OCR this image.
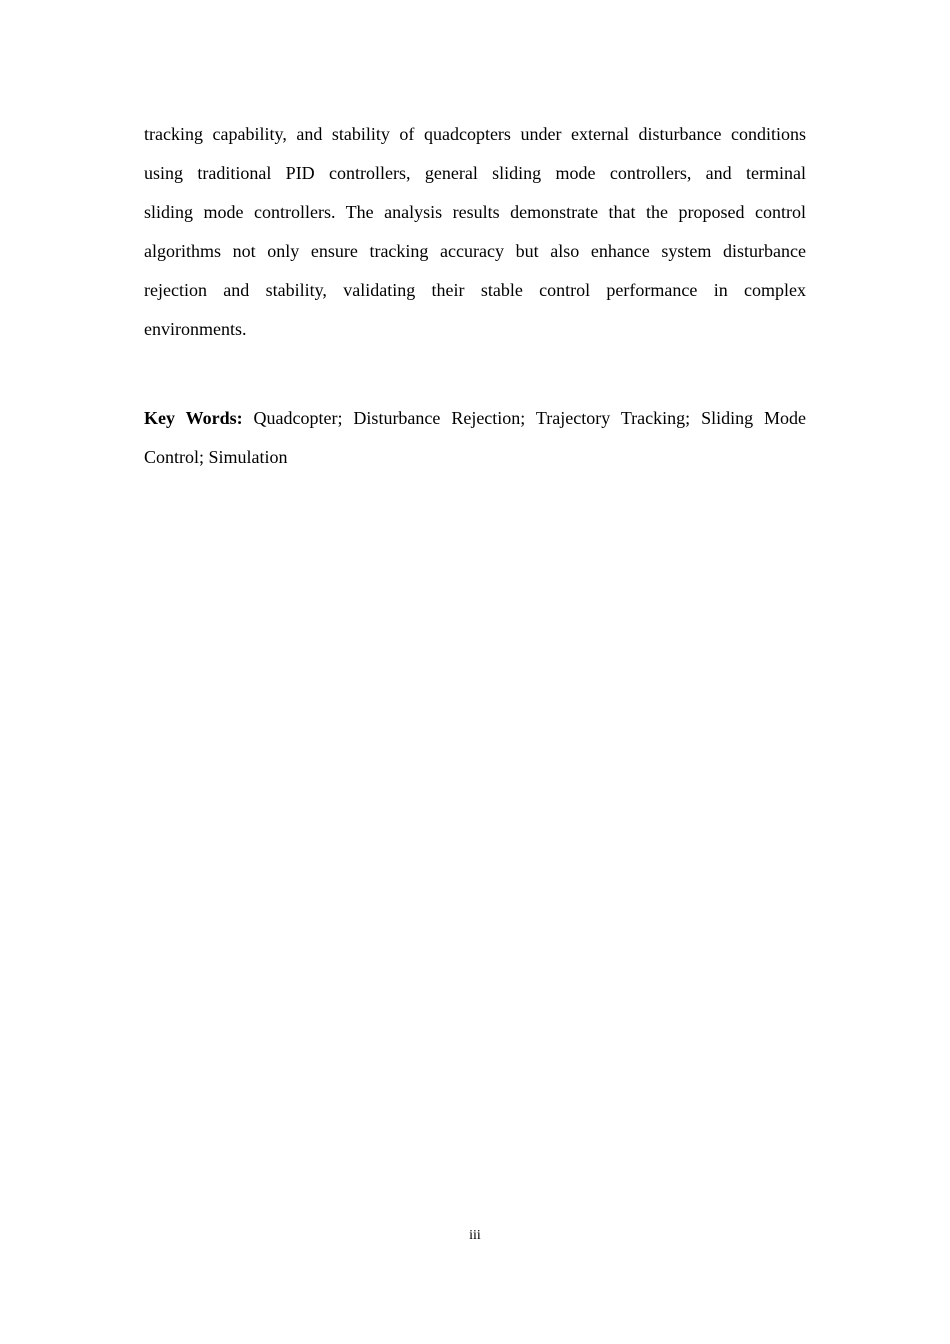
tracking capability, and stability of quadcopters under external disturbance conditions
using traditional PID controllers, general sliding mode controllers, and terminal
sliding mode controllers. The analysis results demonstrate that the proposed control
algorithms not only ensure tracking accuracy but also enhance system disturbance
rejection and stability, validating their stable control performance in complex
environments.
Key Words: Quadcopter; Disturbance Rejection; Trajectory Tracking; Sliding Mode
Control; Simulation
iii
